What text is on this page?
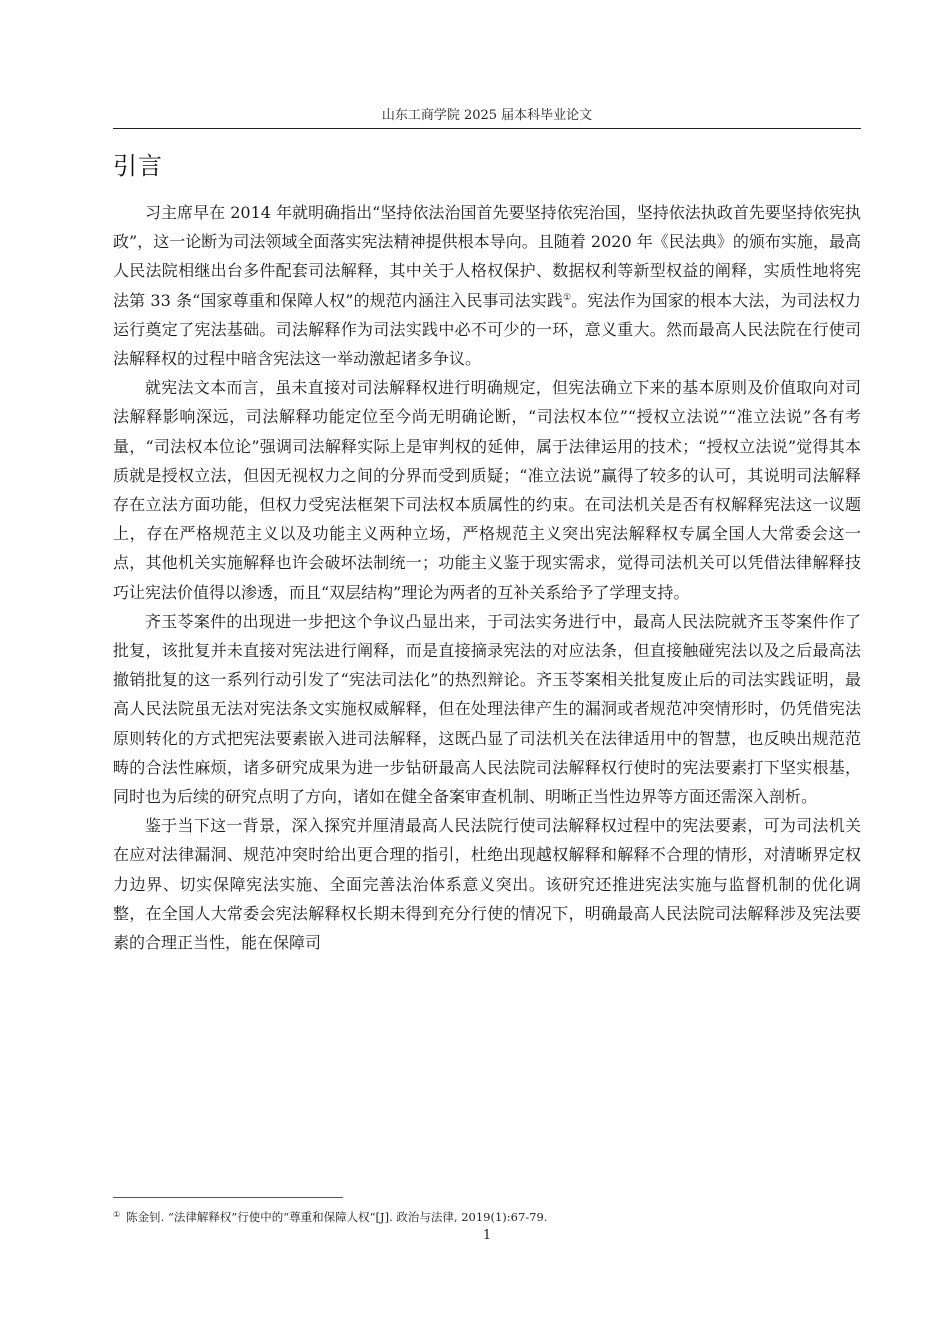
山东工商学院 2025 届本科毕业论文
引言

习主席早在 2014 年就明确指出“坚持依法治国首先要坚持依宪治国，坚持依法执政首先要坚持依宪执政”，这一论断为司法领域全面落实宪法精神提供根本导向。且随着 2020 年《民法典》的颁布实施，最高人民法院相继出台多件配套司法解释，其中关于人格权保护、数据权利等新型权益的阐释，实质性地将宪法第 33 条“国家尊重和保障人权”的规范内涵注入民事司法实践①。宪法作为国家的根本大法，为司法权力运行奠定了宪法基础。司法解释作为司法实践中必不可少的一环，意义重大。然而最高人民法院在行使司法解释权的过程中暗含宪法这一举动激起诸多争议。

就宪法文本而言，虽未直接对司法解释权进行明确规定，但宪法确立下来的基本原则及价值取向对司法解释影响深远，司法解释功能定位至今尚无明确论断，“司法权本位”“授权立法说”“准立法说”各有考量，“司法权本位论”强调司法解释实际上是审判权的延伸，属于法律运用的技术；“授权立法说”觉得其本质就是授权立法，但因无视权力之间的分界而受到质疑；“准立法说”赢得了较多的认可，其说明司法解释存在立法方面功能，但权力受宪法框架下司法权本质属性的约束。在司法机关是否有权解释宪法这一议题上，存在严格规范主义以及功能主义两种立场，严格规范主义突出宪法解释权专属全国人大常委会这一点，其他机关实施解释也许会破坏法制统一；功能主义鉴于现实需求，觉得司法机关可以凭借法律解释技巧让宪法价值得以渗透，而且“双层结构”理论为两者的互补关系给予了学理支持。

齐玉苓案件的出现进一步把这个争议凸显出来，于司法实务进行中，最高人民法院就齐玉苓案件作了批复，该批复并未直接对宪法进行阐释，而是直接摘录宪法的对应法条，但直接触碰宪法以及之后最高法撤销批复的这一系列行动引发了“宪法司法化”的热烈辩论。齐玉苓案相关批复废止后的司法实践证明，最高人民法院虽无法对宪法条文实施权威解释，但在处理法律产生的漏洞或者规范冲突情形时，仍凭借宪法原则转化的方式把宪法要素嵌入进司法解释，这既凸显了司法机关在法律适用中的智慧，也反映出规范范畴的合法性麻烦，诸多研究成果为进一步钻研最高人民法院司法解释权行使时的宪法要素打下坚实根基，同时也为后续的研究点明了方向，诸如在健全备案审查机制、明晰正当性边界等方面还需深入剖析。

鉴于当下这一背景，深入探究并厘清最高人民法院行使司法解释权过程中的宪法要素，可为司法机关在应对法律漏洞、规范冲突时给出更合理的指引，杜绝出现越权解释和解释不合理的情形，对清晰界定权力边界、切实保障宪法实施、全面完善法治体系意义突出。该研究还推进宪法实施与监督机制的优化调整，在全国人大常委会宪法解释权长期未得到充分行使的情况下，明确最高人民法院司法解释涉及宪法要素的合理正当性，能在保障司

① 陈金钊. “法律解释权”行使中的“尊重和保障人权”[J]. 政治与法律, 2019(1):67-79.
1
